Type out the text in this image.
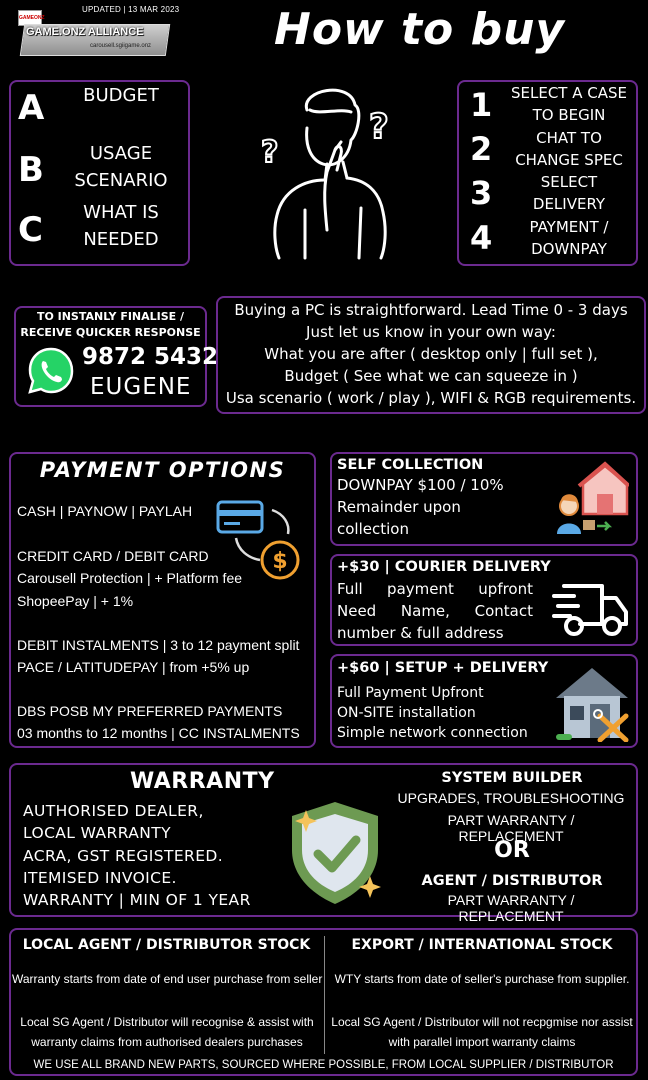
UPDATED | 13 MAR 2023
GAMEONZ
GAME.ONZ ALLIANCE
carousell.sgiigame.onz	How to buy
A	BUDGET
B	USAGE
SCENARIO
C	WHAT IS
NEEDED
?
?
1	SELECT A CASE
TO BEGIN
2	CHAT TO
CHANGE SPEC
3	SELECT
DELIVERY
4	PAYMENT /
DOWNPAY
TO INSTANLY FINALISE /
RECEIVE QUICKER RESPONSE
9872 5432
EUGENE
Buying a PC is straightforward. Lead Time 0 - 3 days
Just let us know in your own way:
What you are after ( desktop only | full set ),
Budget ( See what we can squeeze in )
Usa scenario ( work / play ), WIFI & RGB requirements.
PAYMENT OPTIONS
CASH | PAYNOW | PAYLAH
CREDIT CARD / DEBIT CARD
Carousell Protection | + Platform fee
ShopeePay | + 1%
DEBIT INSTALMENTS | 3 to 12 payment split
PACE / LATITUDEPAY | from +5% up
DBS POSB MY PREFERRED PAYMENTS
03 months to 12 months | CC INSTALMENTS
$
SELF COLLECTION
DOWNPAY $100 / 10%
Remainder upon
collection
+$30 | COURIER DELIVERY
Full payment upfront
Need Name, Contact
number & full address
+$60 | SETUP + DELIVERY
Full Payment Upfront
ON-SITE installation
Simple network connection
WARRANTY
AUTHORISED DEALER,
LOCAL WARRANTY
ACRA, GST REGISTERED.
ITEMISED INVOICE.
WARRANTY | MIN OF 1 YEAR
SYSTEM BUILDER
UPGRADES, TROUBLESHOOTING
PART WARRANTY / REPLACEMENT
OR
AGENT / DISTRIBUTOR
PART WARRANTY / REPLACEMENT
LOCAL AGENT / DISTRIBUTOR STOCK
Warranty starts from date of end user purchase from seller
Local SG Agent / Distributor will recognise & assist with warranty claims from authorised dealers purchases
EXPORT / INTERNATIONAL STOCK
WTY starts from date of seller's purchase from supplier.
Local SG Agent / Distributor will not recpgmise nor assist with parallel import warranty claims
WE USE ALL BRAND NEW PARTS, SOURCED WHERE POSSIBLE, FROM LOCAL SUPPLIER / DISTRIBUTOR
